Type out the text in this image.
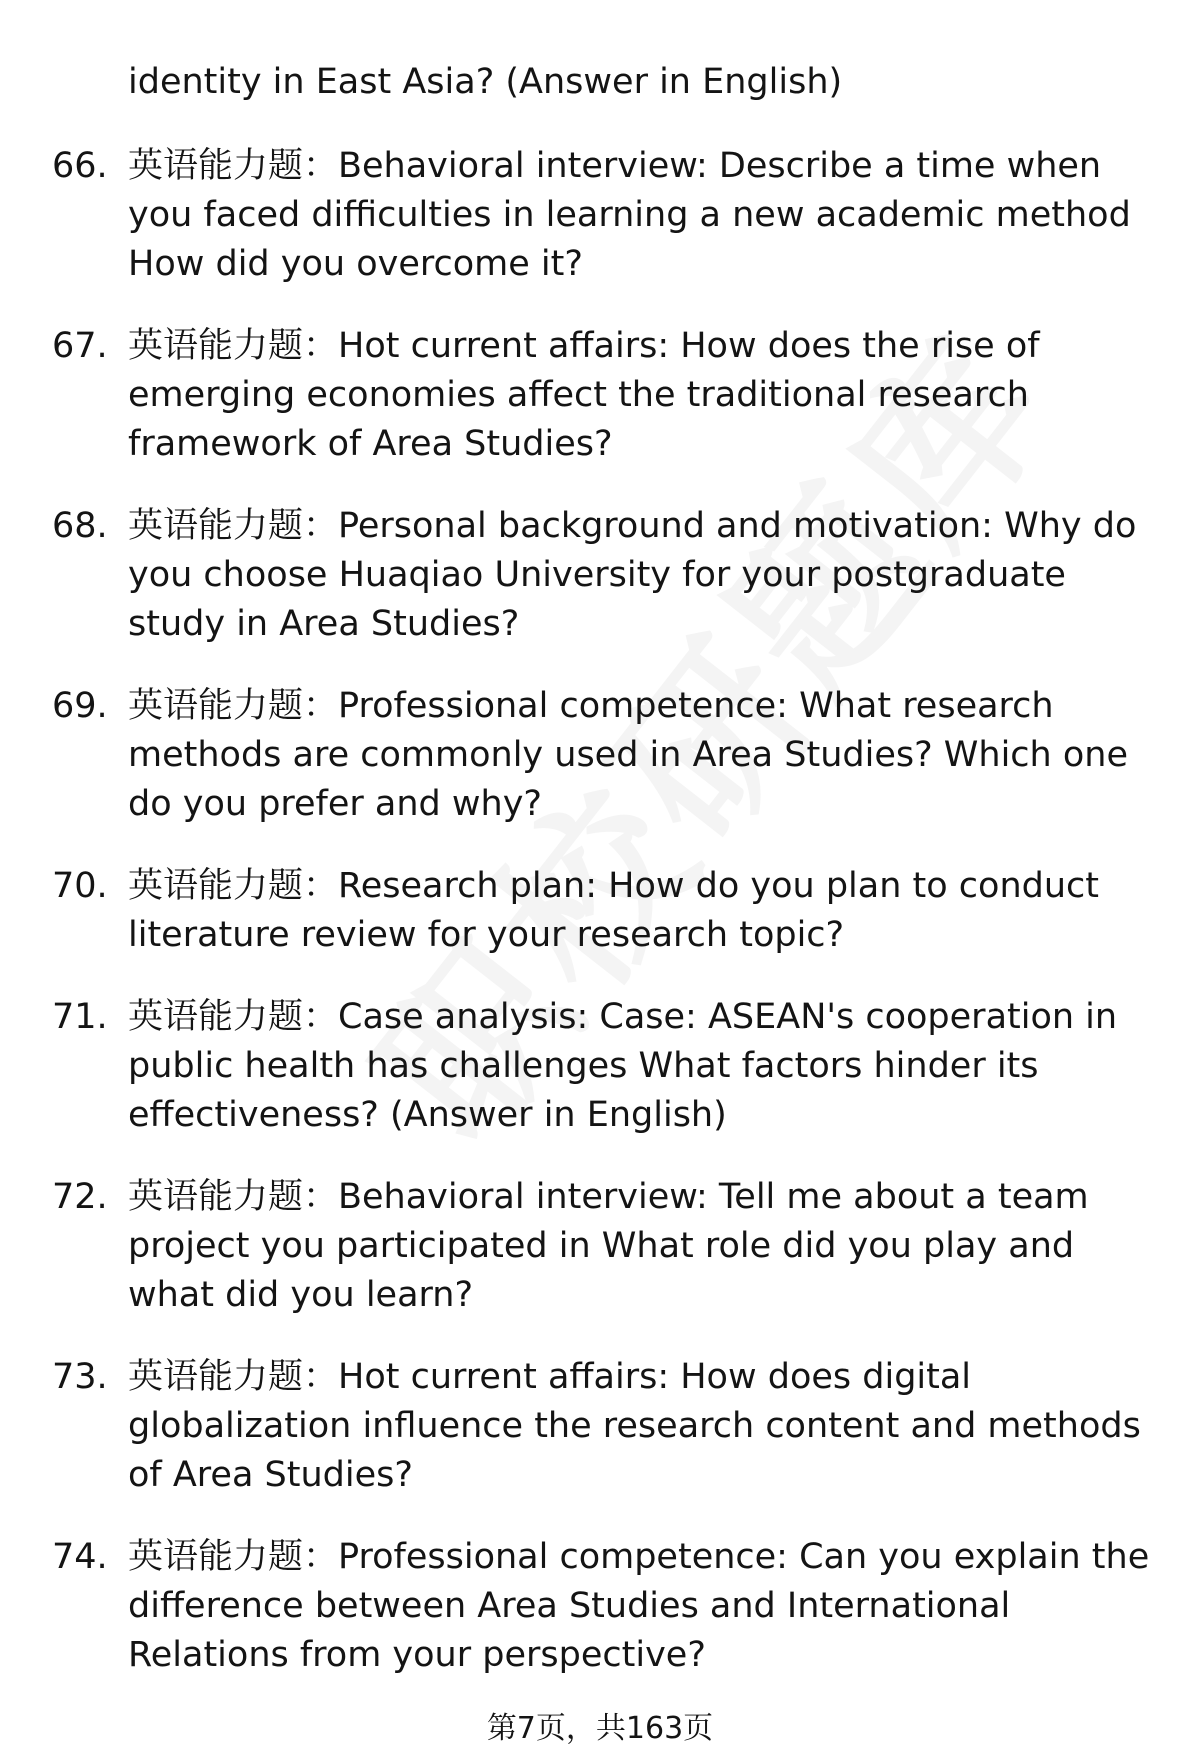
identity in East Asia? (Answer in English)
66. 英语能力题：Behavioral interview: Describe a time when you faced difficulties in learning a new academic method How did you overcome it?
67. 英语能力题：Hot current affairs: How does the rise of emerging economies affect the traditional research framework of Area Studies?
68. 英语能力题：Personal background and motivation: Why do you choose Huaqiao University for your postgraduate study in Area Studies?
69. 英语能力题：Professional competence: What research methods are commonly used in Area Studies? Which one do you prefer and why?
70. 英语能力题：Research plan: How do you plan to conduct literature review for your research topic?
71. 英语能力题：Case analysis: Case: ASEAN's cooperation in public health has challenges What factors hinder its effectiveness? (Answer in English)
72. 英语能力题：Behavioral interview: Tell me about a team project you participated in What role did you play and what did you learn?
73. 英语能力题：Hot current affairs: How does digital globalization influence the research content and methods of Area Studies?
74. 英语能力题：Professional competence: Can you explain the difference between Area Studies and International Relations from your perspective?
第7页，共163页
